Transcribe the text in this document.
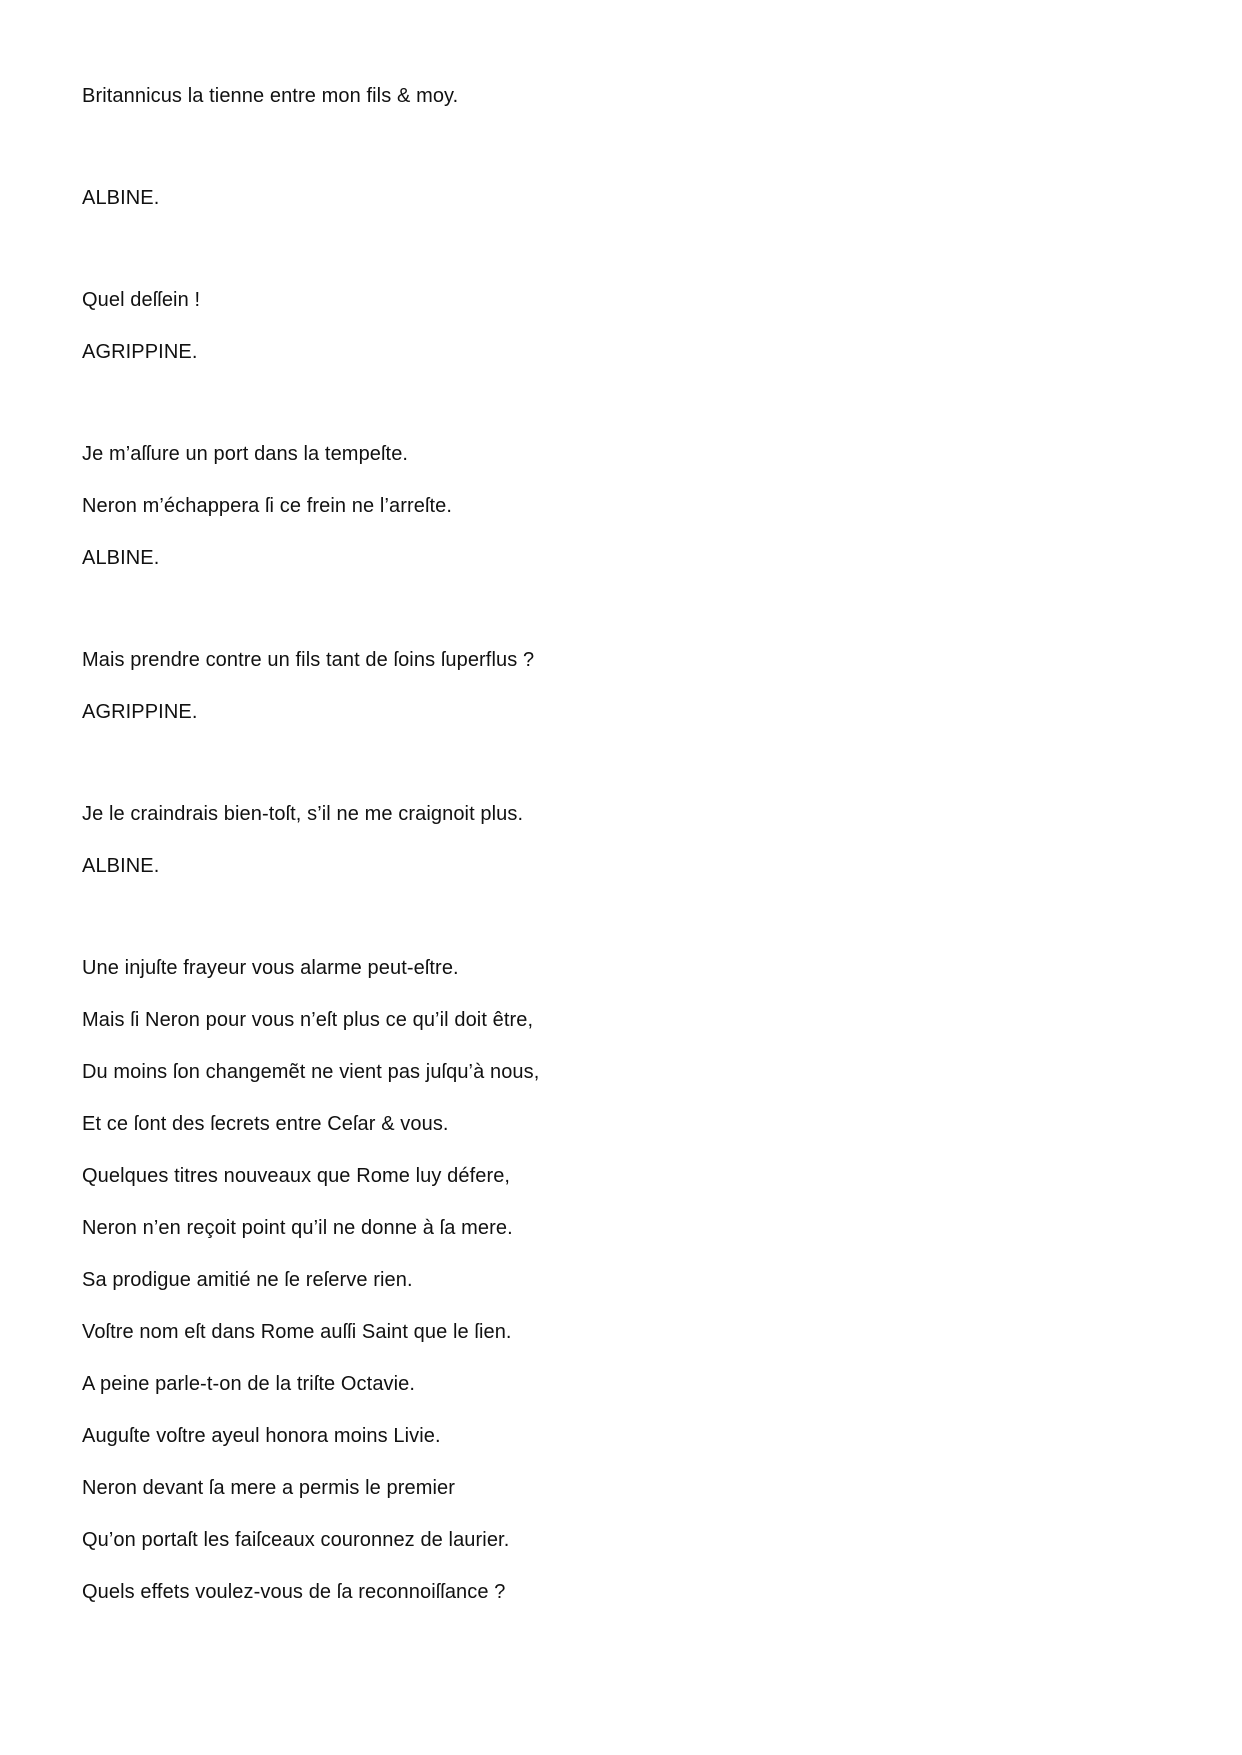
Britannicus la tienne entre mon fils & moy.
ALBINE.
Quel deſſein !
AGRIPPINE.
Je m’aſſure un port dans la tempeſte.
Neron m’échappera ſi ce frein ne l’arreſte.
ALBINE.
Mais prendre contre un fils tant de ſoins ſuperflus ?
AGRIPPINE.
Je le craindrais bien-toſt, s’il ne me craignoit plus.
ALBINE.
Une injuſte frayeur vous alarme peut-eſtre.
Mais ſi Neron pour vous n’eſt plus ce qu’il doit être,
Du moins ſon changemẽt ne vient pas juſqu’à nous,
Et ce ſont des ſecrets entre Ceſar & vous.
Quelques titres nouveaux que Rome luy défere,
Neron n’en reçoit point qu’il ne donne à ſa mere.
Sa prodigue amitié ne ſe reſerve rien.
Voſtre nom eſt dans Rome auſſi Saint que le ſien.
A peine parle-t-on de la triſte Octavie.
Auguſte voſtre ayeul honora moins Livie.
Neron devant ſa mere a permis le premier
Qu’on portaſt les faiſceaux couronnez de laurier.
Quels effets voulez-vous de ſa reconnoiſſance ?
